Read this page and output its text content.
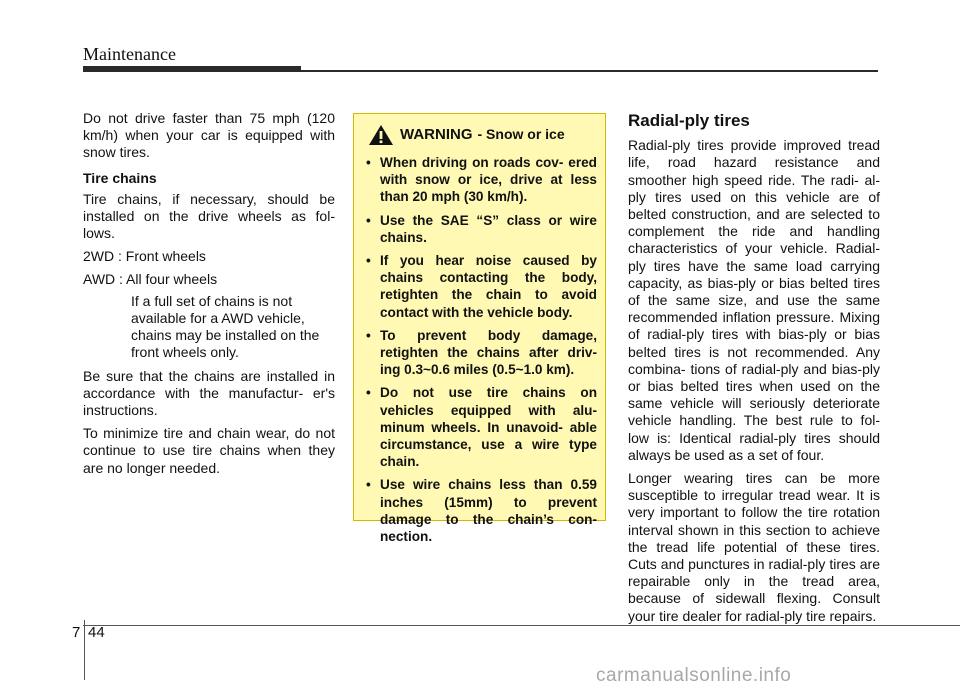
Maintenance

Do not drive faster than 75 mph (120 km/h) when your car is equipped with snow tires.

Tire chains

Tire chains, if necessary, should be installed on the drive wheels as fol- lows.

2WD : Front wheels

AWD : All four wheels

If a full set of chains is not available for a AWD vehicle, chains may be installed on the front wheels only.

Be sure that the chains are installed in accordance with the manufactur- er's instructions.

To minimize tire and chain wear, do not continue to use tire chains when they are no longer needed.

WARNING - Snow or ice
• When driving on roads cov- ered with snow or ice, drive at less than 20 mph (30 km/h).
• Use the SAE “S” class or wire chains.
• If you hear noise caused by chains contacting the body, retighten the chain to avoid contact with the vehicle body.
• To prevent body damage, retighten the chains after driv- ing 0.3~0.6 miles (0.5~1.0 km).
• Do not use tire chains on vehicles equipped with alu- minum wheels. In unavoid- able circumstance, use a wire type chain.
• Use wire chains less than 0.59 inches (15mm) to prevent damage to the chain’s con- nection.
Radial-ply tires

Radial-ply tires provide improved tread life, road hazard resistance and smoother high speed ride. The radi- al-ply tires used on this vehicle are of belted construction, and are selected to complement the ride and handling characteristics of your vehicle. Radial-ply tires have the same load carrying capacity, as bias-ply or bias belted tires of the same size, and use the same recommended inflation pressure. Mixing of radial-ply tires with bias-ply or bias belted tires is not recommended. Any combina- tions of radial-ply and bias-ply or bias belted tires when used on the same vehicle will seriously deteriorate vehicle handling. The best rule to fol- low is: Identical radial-ply tires should always be used as a set of four.

Longer wearing tires can be more susceptible to irregular tread wear. It is very important to follow the tire rotation interval shown in this section to achieve the tread life potential of these tires. Cuts and punctures in radial-ply tires are repairable only in the tread area, because of sidewall flexing. Consult your tire dealer for radial-ply tire repairs.

7 44
carmanualsonline.info
